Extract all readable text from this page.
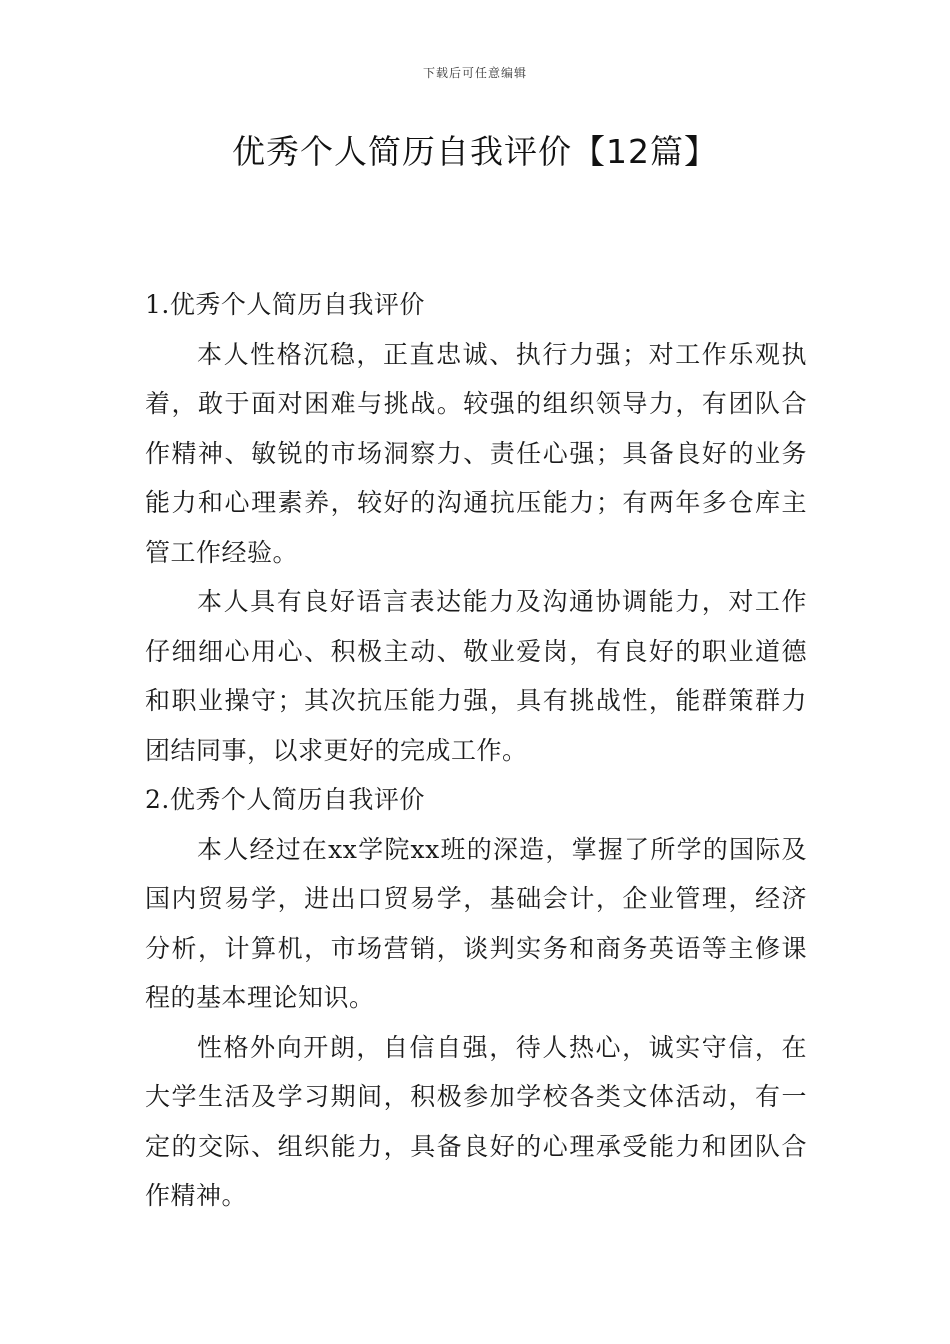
下载后可任意编辑
优秀个人简历自我评价【12篇】

1.优秀个人简历自我评价

本人性格沉稳，正直忠诚、执行力强；对工作乐观执着，敢于面对困难与挑战。较强的组织领导力，有团队合作精神、敏锐的市场洞察力、责任心强；具备良好的业务能力和心理素养，较好的沟通抗压能力；有两年多仓库主管工作经验。

本人具有良好语言表达能力及沟通协调能力，对工作仔细细心用心、积极主动、敬业爱岗，有良好的职业道德和职业操守；其次抗压能力强，具有挑战性，能群策群力团结同事，以求更好的完成工作。

2.优秀个人简历自我评价

本人经过在xx学院xx班的深造，掌握了所学的国际及国内贸易学，进出口贸易学，基础会计，企业管理，经济分析，计算机，市场营销，谈判实务和商务英语等主修课程的基本理论知识。

性格外向开朗，自信自强，待人热心，诚实守信，在大学生活及学习期间，积极参加学校各类文体活动，有一定的交际、组织能力，具备良好的心理承受能力和团队合作精神。
